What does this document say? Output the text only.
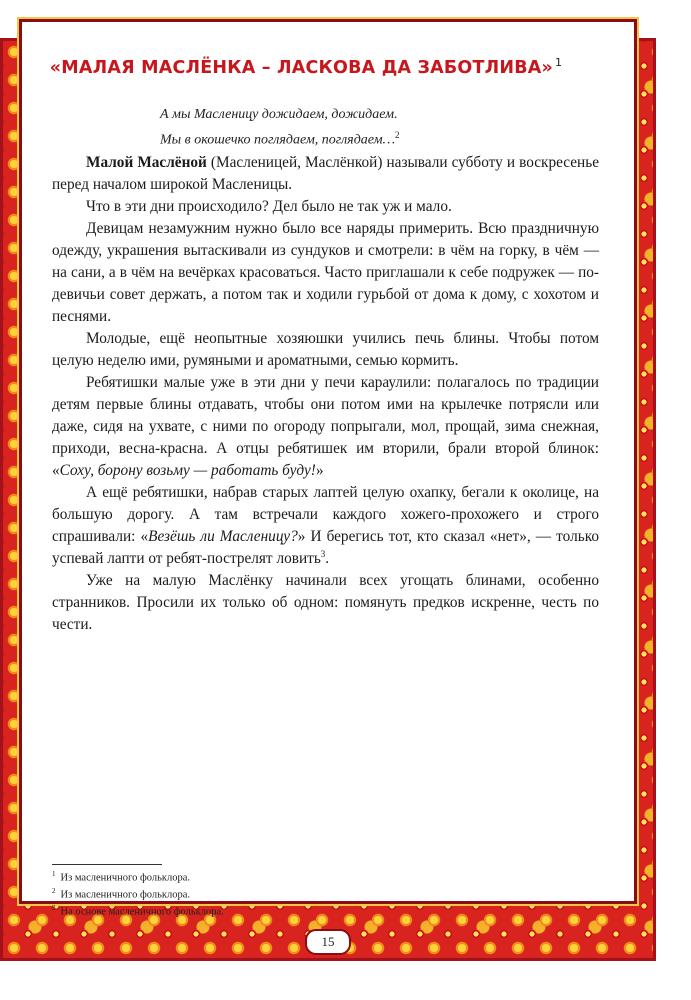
«МАЛАЯ МАСЛЁНКА – ЛАСКОВА ДА ЗАБОТЛИВА» $^1$
А мы Масленицу дожидаем, дожидаем.
Мы в окошечко поглядаем, поглядаем…$^2$

Малой Маслёной (Масленицей, Маслёнкой) называли субботу и воскресенье перед началом широкой Масленицы.

Что в эти дни происходило? Дел было не так уж и мало.

Девицам незамужним нужно было все наряды примерить. Всю праздничную одежду, украшения вытаскивали из сундуков и смотрели: в чём на горку, в чём — на сани, а в чём на вечёрках красоваться. Часто приглашали к себе подружек — по-девичьи совет держать, а потом так и ходили гурьбой от дома к дому, с хохотом и песнями.

Молодые, ещё неопытные хозяюшки учились печь блины. Чтобы потом целую неделю ими, румяными и ароматными, семью кормить.

Ребятишки малые уже в эти дни у печи караулили: полагалось по традиции детям первые блины отдавать, чтобы они потом ими на крылечке потрясли или даже, сидя на ухвате, с ними по огороду попрыгали, мол, прощай, зима снежная, приходи, весна-красна. А отцы ребятишек им вторили, брали второй блинок: «Соху, борону возьму — работать буду!»

А ещё ребятишки, набрав старых лаптей целую охапку, бегали к околице, на большую дорогу. А там встречали каждого хожего-прохожего и строго спрашивали: «Везёшь ли Масленицу?» И берегись тот, кто сказал «нет», — только успевай лапти от ребят-пострелят ловить$^3$.

Уже на малую Маслёнку начинали всех угощать блинами, особенно странников. Просили их только об одном: помянуть предков искренне, честь по чести.

$^1$ Из масленичного фольклора.
$^2$ Из масленичного фольклора.
$^3$ На основе масленичного фольклора.
15
